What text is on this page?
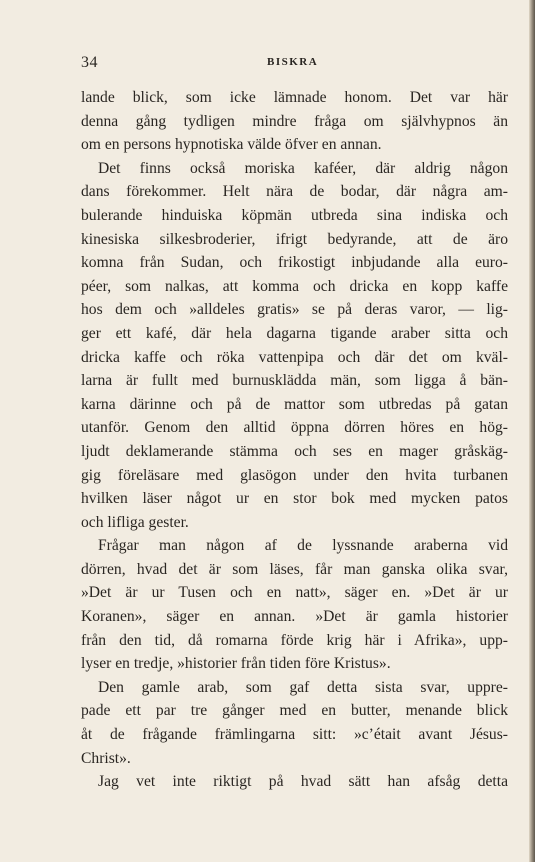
34	BISKRA
lande blick, som icke lämnade honom. Det var här
denna gång tydligen mindre fråga om självhypnos än
om en persons hypnotiska välde öfver en annan.
Det finns också moriska kaféer, där aldrig någon
dans förekommer. Helt nära de bodar, där några am-
bulerande hinduiska köpmän utbreda sina indiska och
kinesiska silkesbroderier, ifrigt bedyrande, att de äro
komna från Sudan, och frikostigt inbjudande alla euro-
péer, som nalkas, att komma och dricka en kopp kaffe
hos dem och »alldeles gratis» se på deras varor, — lig-
ger ett kafé, där hela dagarna tigande araber sitta och
dricka kaffe och röka vattenpipa och där det om kväl-
larna är fullt med burnusklädda män, som ligga å bän-
karna därinne och på de mattor som utbredas på gatan
utanför. Genom den alltid öppna dörren höres en hög-
ljudt deklamerande stämma och ses en mager gråskäg-
gig föreläsare med glasögon under den hvita turbanen
hvilken läser något ur en stor bok med mycken patos
och lifliga gester.
Frågar man någon af de lyssnande araberna vid
dörren, hvad det är som läses, får man ganska olika svar,
»Det är ur Tusen och en natt», säger en. »Det är ur
Koranen», säger en annan. »Det är gamla historier
från den tid, då romarna förde krig här i Afrika», upp-
lyser en tredje, »historier från tiden före Kristus».
Den gamle arab, som gaf detta sista svar, uppre-
pade ett par tre gånger med en butter, menande blick
åt de frågande främlingarna sitt: »c’était avant Jésus-
Christ».
Jag vet inte riktigt på hvad sätt han afsåg detta
